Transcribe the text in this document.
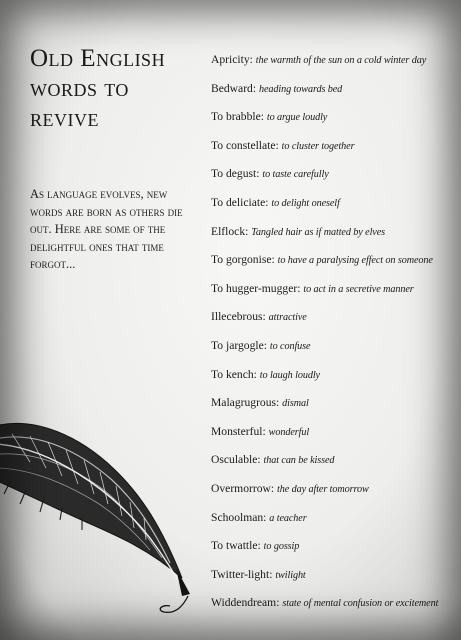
Old English words to revive

As language evolves, new words are born as others die out. Here are some of the delightful ones that time forgot...

Apricity: the warmth of the sun on a cold winter day
Bedward: heading towards bed
To brabble: to argue loudly
To constellate: to cluster together
To degust: to taste carefully
To deliciate: to delight oneself
Elflock: Tangled hair as if matted by elves
To gorgonise: to have a paralysing effect on someone
To hugger-mugger: to act in a secretive manner
Illecebrous: attractive
To jargogle: to confuse
To kench: to laugh loudly
Malagrugrous: dismal
Monsterful: wonderful
Osculable: that can be kissed
Overmorrow: the day after tomorrow
Schoolman: a teacher
To twattle: to gossip
Twitter-light: twilight
Widdendream: state of mental confusion or excitement
